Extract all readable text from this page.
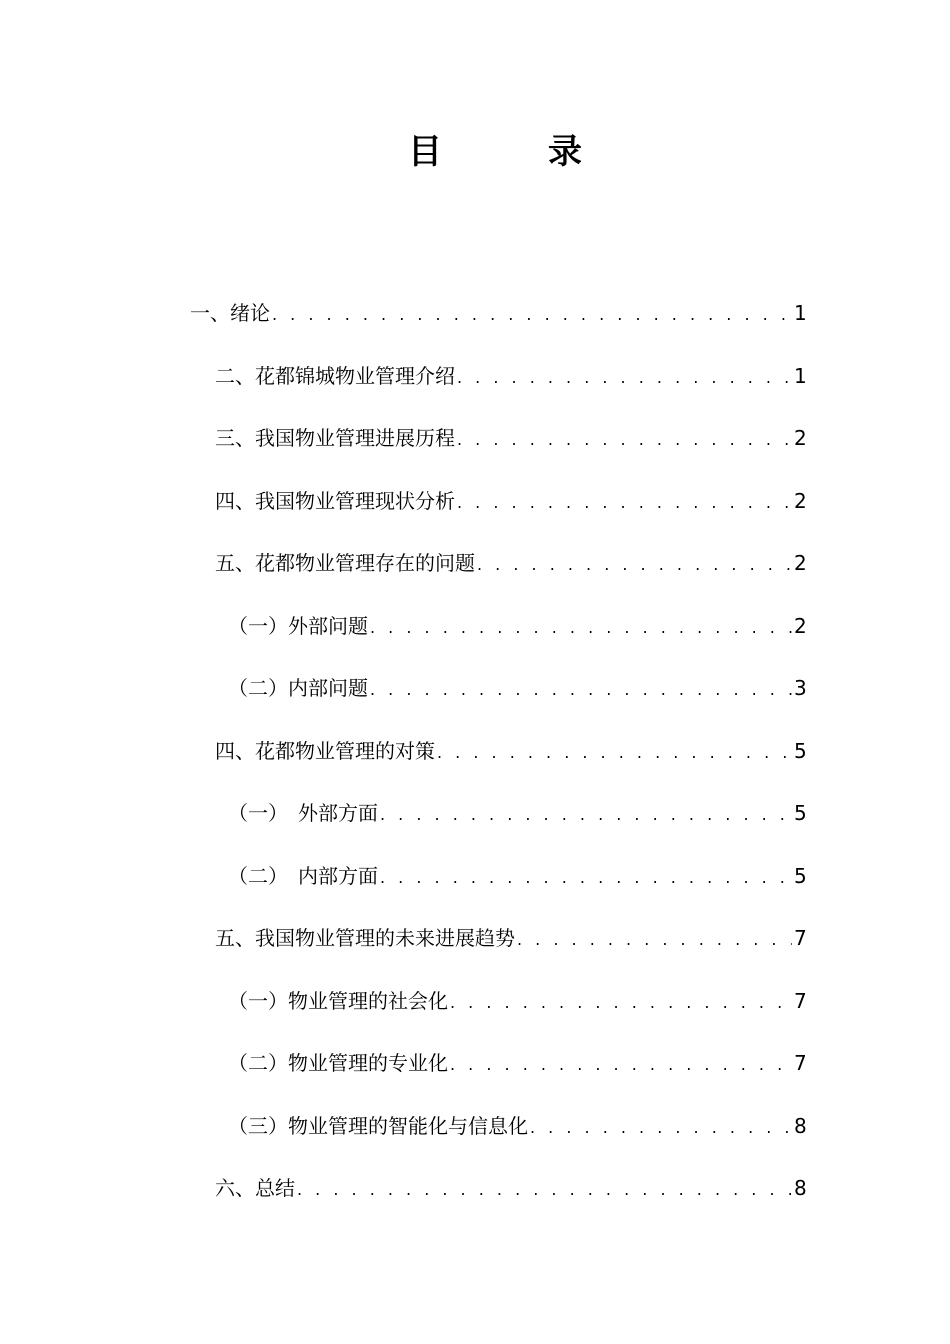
目　录
一、绪论 . . .	1
二、花都锦城物业管理介绍 . . .	1
三、我国物业管理进展历程 . . .	2
四、我国物业管理现状分析 . . .	2
五、花都物业管理存在的问题 . . .	2
（一）外部问题 . . .	2
（二）内部问题 . . .	3
四、花都物业管理的对策 . . .	5
（一）　外部方面 . . .	5
（二）　内部方面 . . .	5
五、我国物业管理的未来进展趋势 . . .	7
（一）物业管理的社会化 . . .	7
（二）物业管理的专业化 . . .	7
（三）物业管理的智能化与信息化 . . .	8
六、总结 . . .	8
